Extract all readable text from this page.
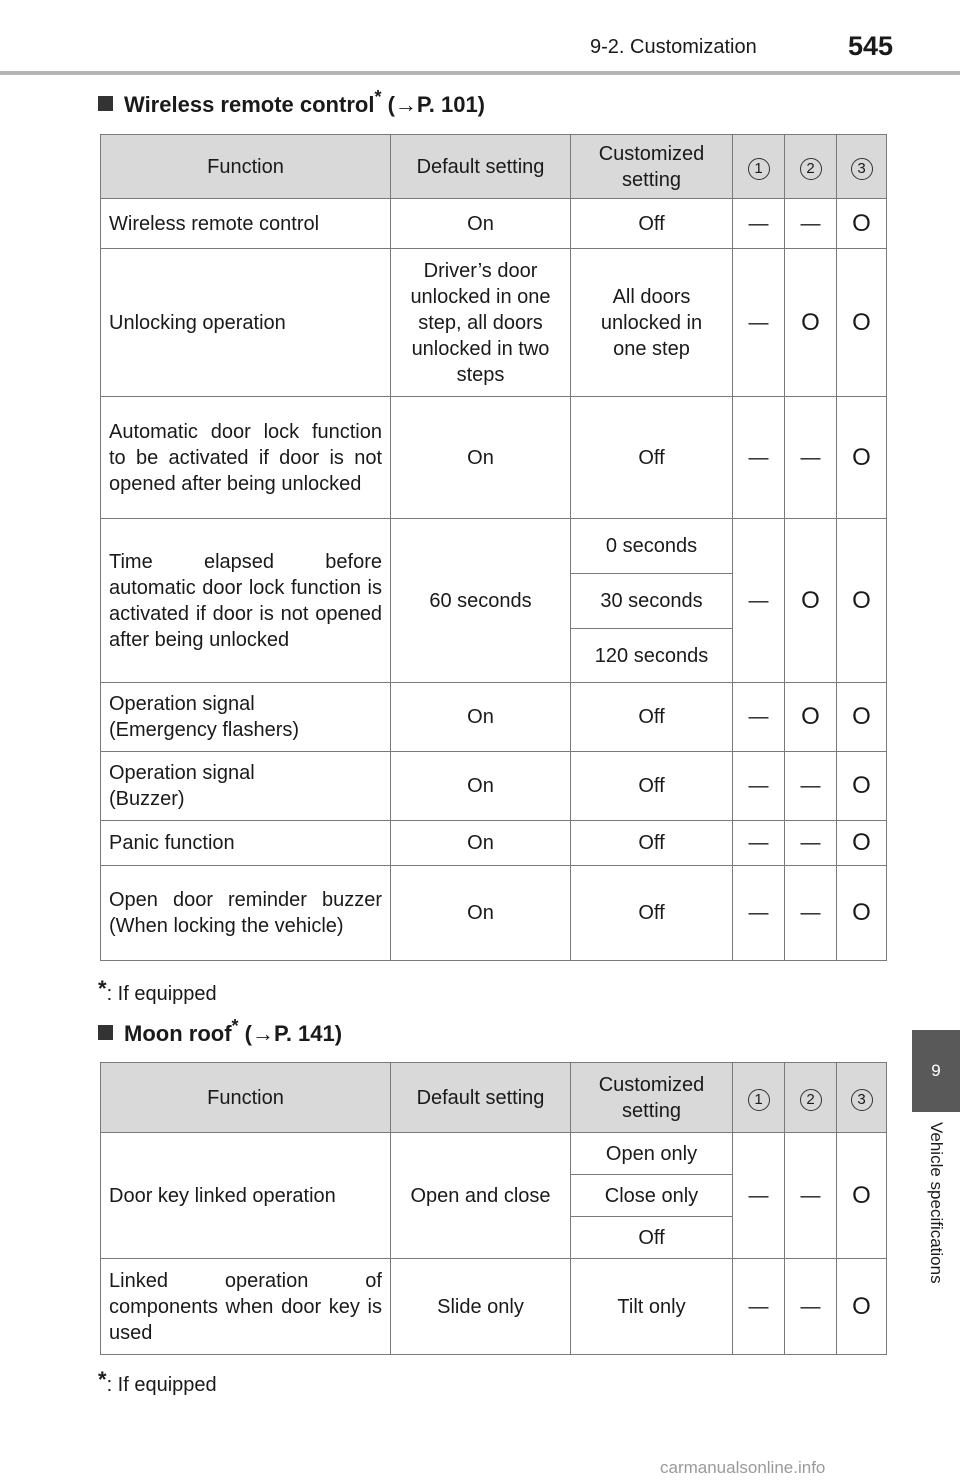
9-2. Customization	545
9
Vehicle specifications
Wireless remote control* (→P. 101)
Function	Default setting	Customized setting	1	2	3
Wireless remote control	On	Off	—	—	O
Unlocking operation	Driver’s door unlocked in one step, all doors unlocked in two steps	All doors unlocked in one step	—	O	O
Automatic door lock function to be activated if door is not opened after being unlocked	On	Off	—	—	O
Time elapsed before automatic door lock function is activated if door is not opened after being unlocked	60 seconds	0 seconds	—	O	O
		30 seconds			
		120 seconds			
Operation signal (Emergency flashers)	On	Off	—	O	O
Operation signal (Buzzer)	On	Off	—	—	O
Panic function	On	Off	—	—	O
Open door reminder buzzer (When locking the vehicle)	On	Off	—	—	O
*: If equipped
Moon roof* (→P. 141)
Function	Default setting	Customized setting	1	2	3
Door key linked operation	Open and close	Open only	—	—	O
		Close only			
		Off			
Linked operation of components when door key is used	Slide only	Tilt only	—	—	O
*: If equipped
carmanualsonline.info
